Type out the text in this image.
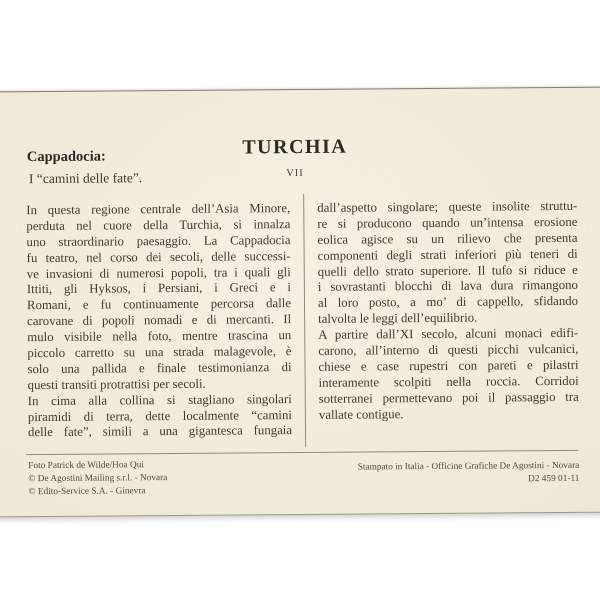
TURCHIA
VII
Cappadocia:
I “camini delle fate”.
In questa regione centrale dell’Asia Minore,
perduta nel cuore della Turchia, si innalza
uno straordinario paesaggio. La Cappadocia
fu teatro, nel corso dei secoli, delle successi-
ve invasioni di numerosi popoli, tra i quali gli
Ittiti, gli Hyksos, i Persiani, i Greci e i
Romani, e fu continuamente percorsa dalle
carovane di popoli nomadi e di mercanti. Il
mulo visibile nella foto, mentre trascina un
piccolo carretto su una strada malagevole, è
solo una pallida e finale testimonianza di
questi transiti protrattisi per secoli.
In cima alla collina si stagliano singolari
piramidi di terra, dette localmente “camini
delle fate”, simili a una gigantesca fungaia
dall’aspetto singolare; queste insolite struttu-
re si producono quando un’intensa erosione
eolica agisce su un rilievo che presenta
componenti degli strati inferiori più teneri di
quelli dello strato superiore. Il tufo si riduce e
i sovrastanti blocchi di lava dura rimangono
al loro posto, a mo’ di cappello, sfidando
talvolta le leggi dell’equilibrio.
A partire dall’XI secolo, alcuni monaci edifi-
carono, all’interno di questi picchi vulcanici,
chiese e case rupestri con pareti e pilastri
interamente scolpiti nella roccia. Corridoi
sotterranei permettevano poi il passaggio tra
vallate contigue.
Foto Patrick de Wilde/Hoa Qui
© De Agostini Mailing s.r.l. - Novara
© Edito-Service S.A. - Ginevra
Stampato in Italia - Officine Grafiche De Agostini - Novara
D2 459 01-11
